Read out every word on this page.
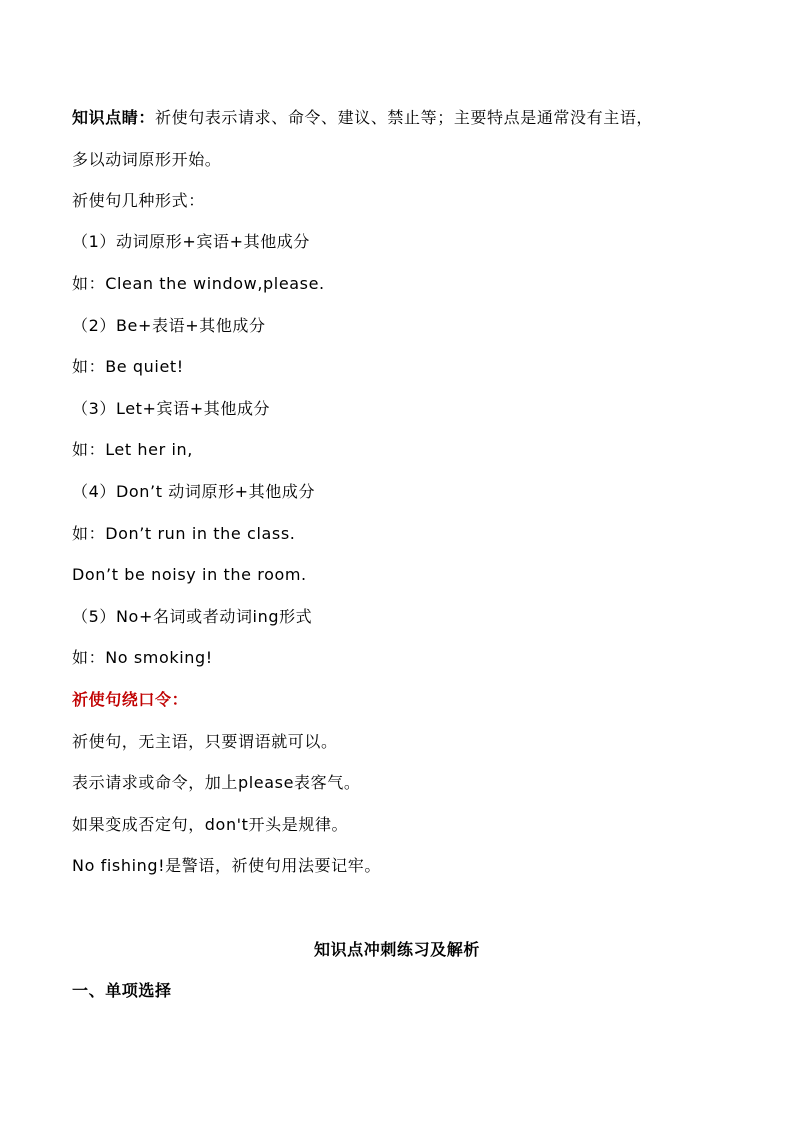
知识点睛：祈使句表示请求、命令、建议、禁止等；主要特点是通常没有主语，
多以动词原形开始。
祈使句几种形式：
（1）动词原形+宾语+其他成分
如：Clean the window,please.
（2）Be+表语+其他成分
如：Be quiet!
（3）Let+宾语+其他成分
如：Let her in,
（4）Don’t 动词原形+其他成分
如：Don’t run in the class.
Don’t be noisy in the room.
（5）No+名词或者动词ing形式
如：No smoking!
祈使句绕口令：
祈使句，无主语，只要谓语就可以。
表示请求或命令，加上please表客气。
如果变成否定句，don't开头是规律。
No fishing!是警语，祈使句用法要记牢。
知识点冲刺练习及解析
一、单项选择
